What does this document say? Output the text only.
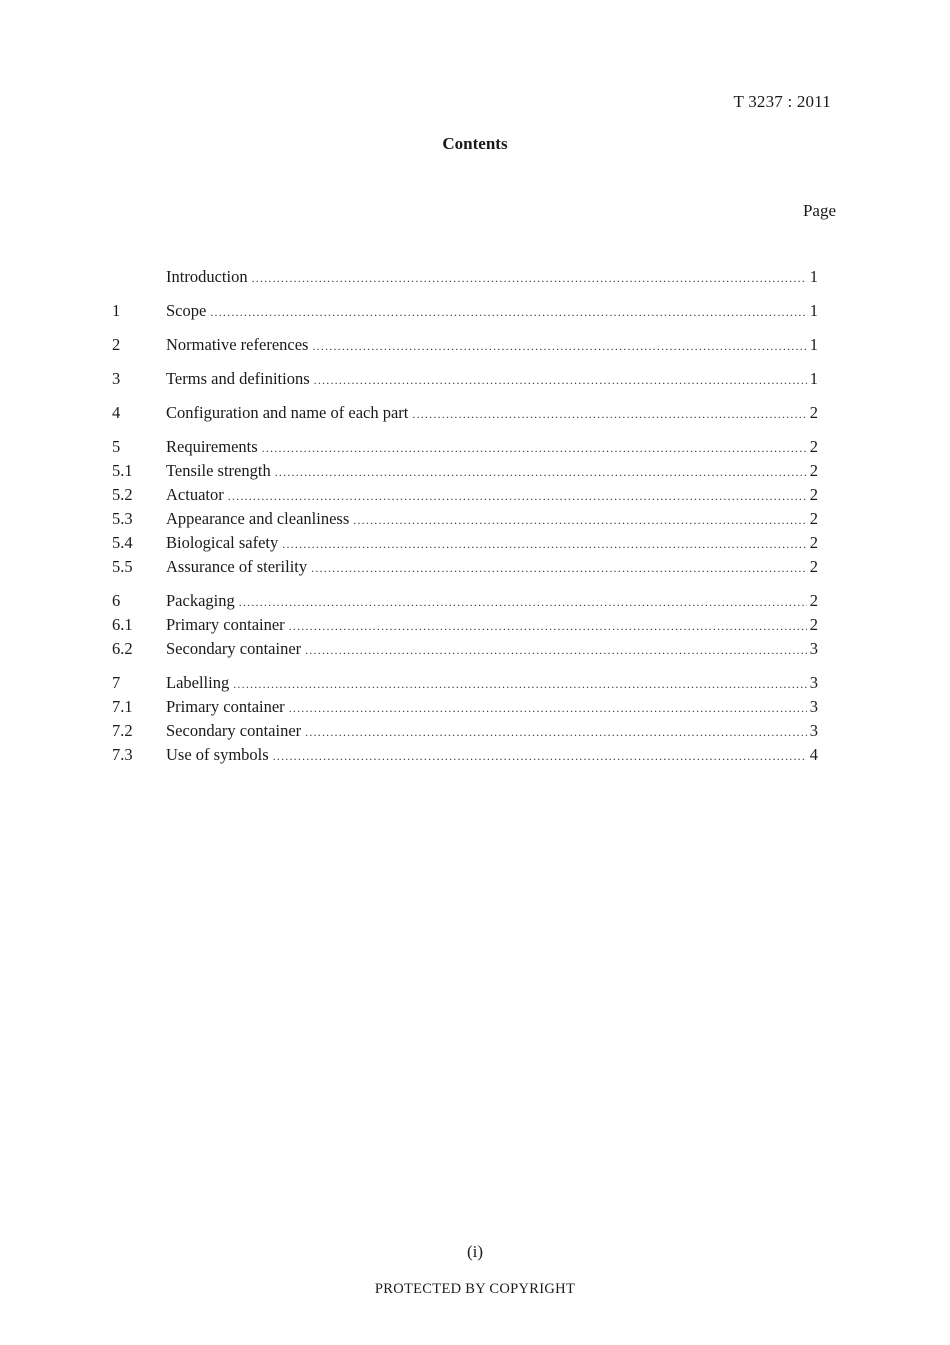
T 3237 : 2011
Contents
Page
Introduction .....	1
1	Scope .....	1
2	Normative references .....	1
3	Terms and definitions .....	1
4	Configuration and name of each part .....	2
5	Requirements .....	2
5.1	Tensile strength .....	2
5.2	Actuator .....	2
5.3	Appearance and cleanliness .....	2
5.4	Biological safety .....	2
5.5	Assurance of sterility .....	2
6	Packaging .....	2
6.1	Primary container .....	2
6.2	Secondary container .....	3
7	Labelling .....	3
7.1	Primary container .....	3
7.2	Secondary container .....	3
7.3	Use of symbols .....	4
(i)
PROTECTED BY COPYRIGHT
